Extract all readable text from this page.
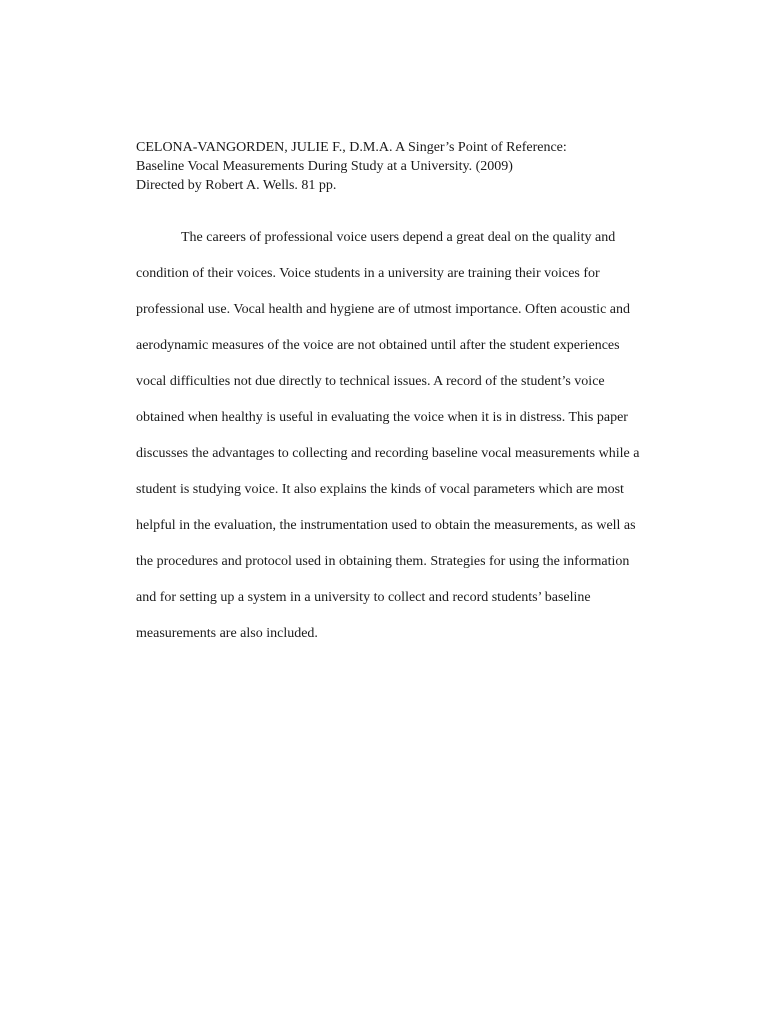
CELONA-VANGORDEN, JULIE F., D.M.A. A Singer’s Point of Reference:
Baseline Vocal Measurements During Study at a University. (2009)
Directed by Robert A. Wells. 81 pp.
The careers of professional voice users depend a great deal on the quality and
condition of their voices. Voice students in a university are training their voices for
professional use. Vocal health and hygiene are of utmost importance. Often acoustic and
aerodynamic measures of the voice are not obtained until after the student experiences
vocal difficulties not due directly to technical issues. A record of the student’s voice
obtained when healthy is useful in evaluating the voice when it is in distress. This paper
discusses the advantages to collecting and recording baseline vocal measurements while a
student is studying voice. It also explains the kinds of vocal parameters which are most
helpful in the evaluation, the instrumentation used to obtain the measurements, as well as
the procedures and protocol used in obtaining them. Strategies for using the information
and for setting up a system in a university to collect and record students’ baseline
measurements are also included.
